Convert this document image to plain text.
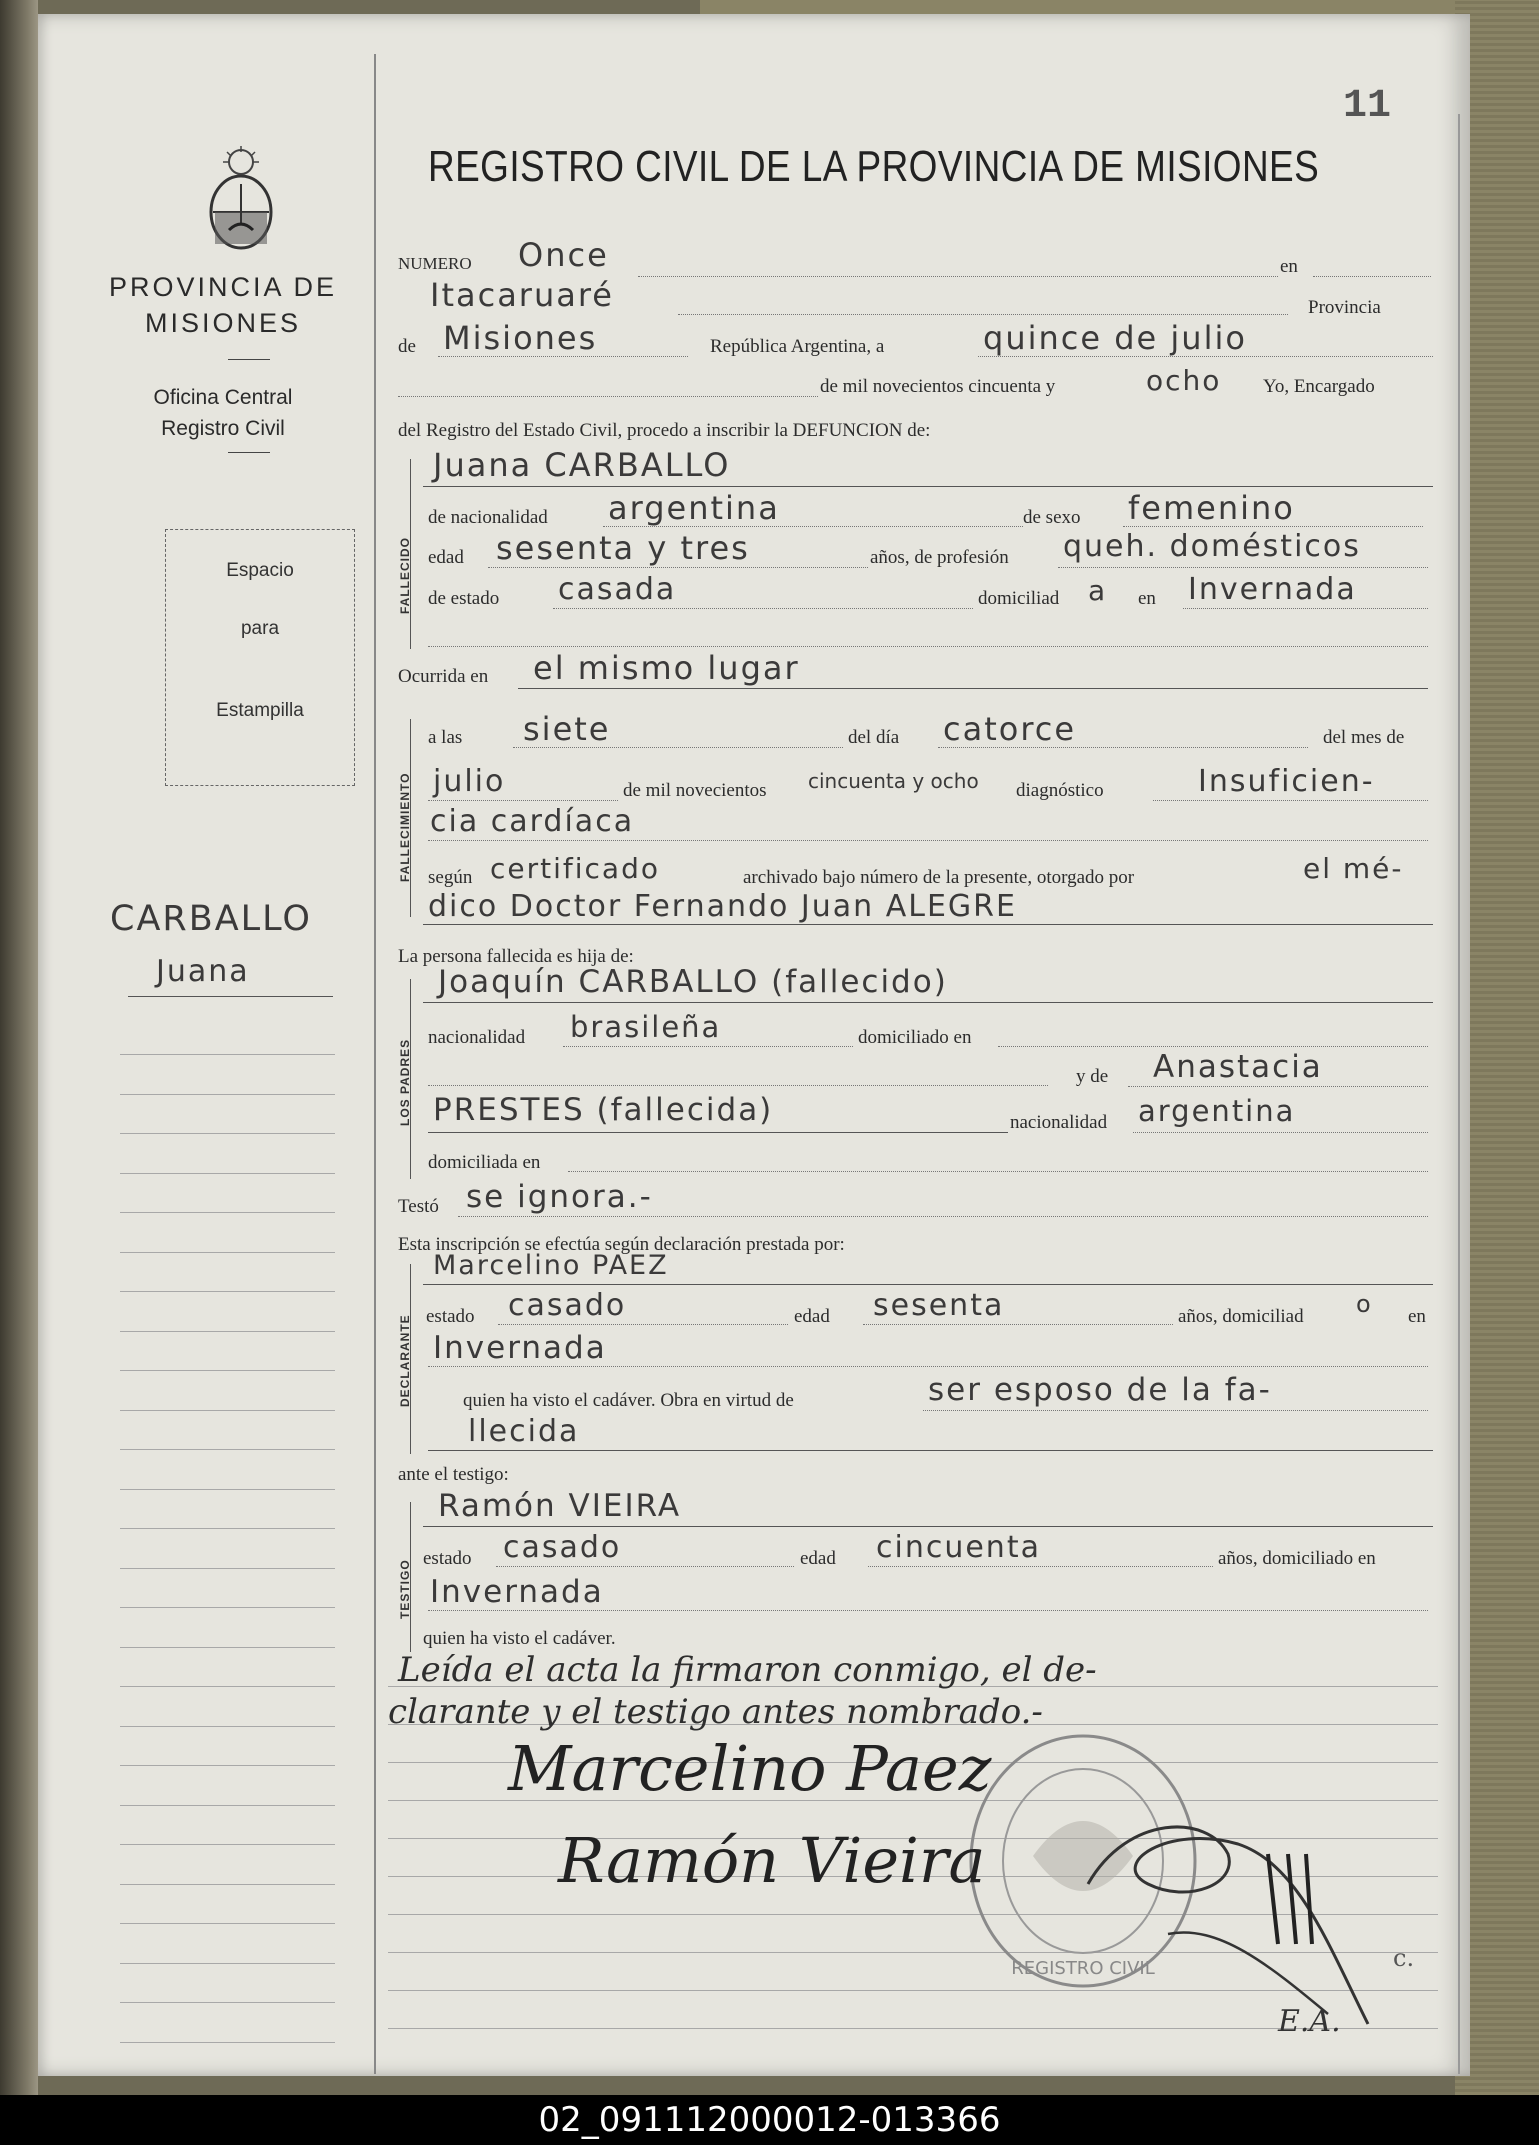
11
PROVINCIA DE
MISIONES
Oficina Central
Registro Civil
Espacio
para
Estampilla
CARBALLO
Juana
REGISTRO CIVIL DE LA PROVINCIA DE MISIONES
NUMERO Once	en
Itacaruaré	Provincia
de Misiones	República Argentina, a	quince de julio
de mil novecientos cincuenta y	ocho Yo, Encargado
del Registro del Estado Civil, procedo a inscribir la DEFUNCION de:
FALLECIDO
Juana CARBALLO
de nacionalidad argentina	de sexo femenino
edad sesenta y tres	años, de profesión queh. domésticos
de estado casada	domiciliad a en Invernada
Ocurrida en el mismo lugar
FALLECIMIENTO
a las siete	del día catorce	del mes de
julio	de mil novecientos cincuenta y ocho diagnóstico	Insuficien-
cia cardíaca
según certificado	archivado bajo número de la presente, otorgado por	el mé-
dico Doctor Fernando Juan ALEGRE
La persona fallecida es hija de:
LOS PADRES
Joaquín CARBALLO (fallecido)
nacionalidad brasileña	domiciliado en
y de Anastacia
PRESTES (fallecida)	nacionalidad argentina
domiciliada en
Testó se ignora.-
Esta inscripción se efectúa según declaración prestada por:
DECLARANTE
Marcelino PAEZ
estado casado	edad sesenta	años, domiciliad o en
Invernada
quien ha visto el cadáver. Obra en virtud de	ser esposo de la fa-
llecida
ante el testigo:
TESTIGO
Ramón VIEIRA
estado casado	edad cincuenta	años, domiciliado en
Invernada
quien ha visto el cadáver.
Leída el acta la firmaron conmigo, el de-
clarante y el testigo antes nombrado.-
REGISTRO CIVIL
Marcelino Paez
Ramón Vieira
E.A.
c.
02_091112000012-013366
